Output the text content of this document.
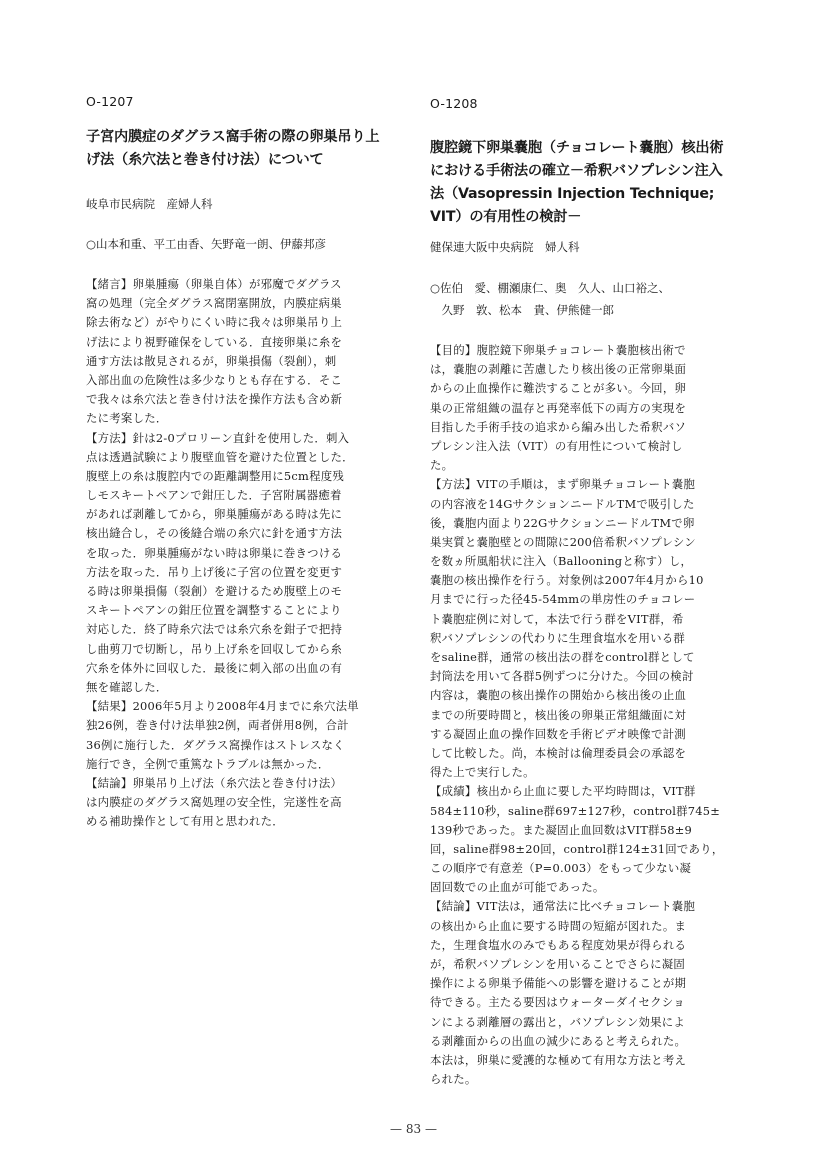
O-1207
子宮内膜症のダグラス窩手術の際の卵巣吊り上
げ法（糸穴法と巻き付け法）について
岐阜市民病院　産婦人科
○山本和重、平工由香、矢野竜一朗、伊藤邦彦
【緒言】卵巣腫瘍（卵巣自体）が邪魔でダグラス
窩の処理（完全ダグラス窩閉塞開放，内膜症病巣
除去術など）がやりにくい時に我々は卵巣吊り上
げ法により視野確保をしている．直接卵巣に糸を
通す方法は散見されるが，卵巣損傷（裂創），刺
入部出血の危険性は多少なりとも存在する．そこ
で我々は糸穴法と巻き付け法を操作方法も含め新
たに考案した．
【方法】針は2-0プロリーン直針を使用した．刺入
点は透過試験により腹壁血管を避けた位置とした．
腹壁上の糸は腹腔内での距離調整用に5cm程度残
しモスキートペアンで鉗圧した．子宮附属器癒着
があれば剥離してから，卵巣腫瘍がある時は先に
核出縫合し，その後縫合端の糸穴に針を通す方法
を取った．卵巣腫瘍がない時は卵巣に巻きつける
方法を取った．吊り上げ後に子宮の位置を変更す
る時は卵巣損傷（裂創）を避けるため腹壁上のモ
スキートペアンの鉗圧位置を調整することにより
対応した．終了時糸穴法では糸穴糸を鉗子で把持
し曲剪刀で切断し，吊り上げ糸を回収してから糸
穴糸を体外に回収した．最後に刺入部の出血の有
無を確認した．
【結果】2006年5月より2008年4月までに糸穴法単
独26例，巻き付け法単独2例，両者併用8例，合計
36例に施行した．ダグラス窩操作はストレスなく
施行でき，全例で重篤なトラブルは無かった．
【結論】卵巣吊り上げ法（糸穴法と巻き付け法）
は内膜症のダグラス窩処理の安全性，完遂性を高
める補助操作として有用と思われた．
O-1208
腹腔鏡下卵巣嚢胞（チョコレート嚢胞）核出術
における手術法の確立－希釈バソプレシン注入
法（Vasopressin Injection Technique;
VIT）の有用性の検討－
健保連大阪中央病院　婦人科
○佐伯　愛、棚瀬康仁、奥　久人、山口裕之、
　久野　敦、松本　貴、伊熊健一郎
【目的】腹腔鏡下卵巣チョコレート嚢胞核出術で
は，嚢胞の剥離に苦慮したり核出後の正常卵巣面
からの止血操作に難渋することが多い。今回，卵
巣の正常組織の温存と再発率低下の両方の実現を
目指した手術手技の追求から編み出した希釈バソ
プレシン注入法（VIT）の有用性について検討し
た。
【方法】VITの手順は，まず卵巣チョコレート嚢胞
の内容液を14GサクションニードルTMで吸引した
後，嚢胞内面より22GサクションニードルTMで卵
巣実質と嚢胞壁との間隙に200倍希釈バソプレシン
を数ヵ所風船状に注入（Ballooningと称す）し，
嚢胞の核出操作を行う。対象例は2007年4月から10
月までに行った径45-54mmの単房性のチョコレー
ト嚢胞症例に対して，本法で行う群をVIT群，希
釈バソプレシンの代わりに生理食塩水を用いる群
をsaline群，通常の核出法の群をcontrol群として
封筒法を用いて各群5例ずつに分けた。今回の検討
内容は，嚢胞の核出操作の開始から核出後の止血
までの所要時間と，核出後の卵巣正常組織面に対
する凝固止血の操作回数を手術ビデオ映像で計測
して比較した。尚，本検討は倫理委員会の承認を
得た上で実行した。
【成績】核出から止血に要した平均時間は，VIT群
584±110秒，saline群697±127秒，control群745±
139秒であった。また凝固止血回数はVIT群58±9
回，saline群98±20回，control群124±31回であり，
この順序で有意差（P=0.003）をもって少ない凝
固回数での止血が可能であった。
【結論】VIT法は，通常法に比べチョコレート嚢胞
の核出から止血に要する時間の短縮が図れた。ま
た，生理食塩水のみでもある程度効果が得られる
が，希釈バソプレシンを用いることでさらに凝固
操作による卵巣予備能への影響を避けることが期
待できる。主たる要因はウォーターダイセクショ
ンによる剥離層の露出と，バソプレシン効果によ
る剥離面からの出血の減少にあると考えられた。
本法は，卵巣に愛護的な極めて有用な方法と考え
られた。
— 83 —
